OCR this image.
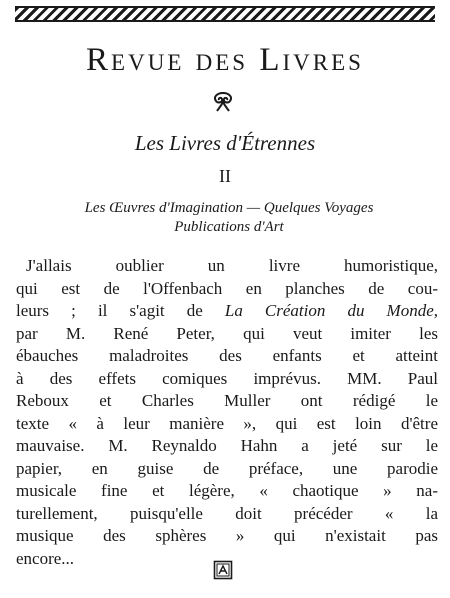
Revue des Livres
Les Livres d'Étrennes
II
Les Œuvres d'Imagination — Quelques Voyages
Publications d'Art
J'allais oublier un livre humoristique,
qui est de l'Offenbach en planches de cou-
leurs ; il s'agit de La Création du Monde,
par M. René Peter, qui veut imiter les
ébauches maladroites des enfants et atteint
à des effets comiques imprévus. MM. Paul
Reboux et Charles Muller ont rédigé le
texte « à leur manière », qui est loin d'être
mauvaise. M. Reynaldo Hahn a jeté sur le
papier, en guise de préface, une parodie
musicale fine et légère, « chaotique » na-
turellement, puisqu'elle doit précéder « la
musique des sphères » qui n'existait pas
encore...
